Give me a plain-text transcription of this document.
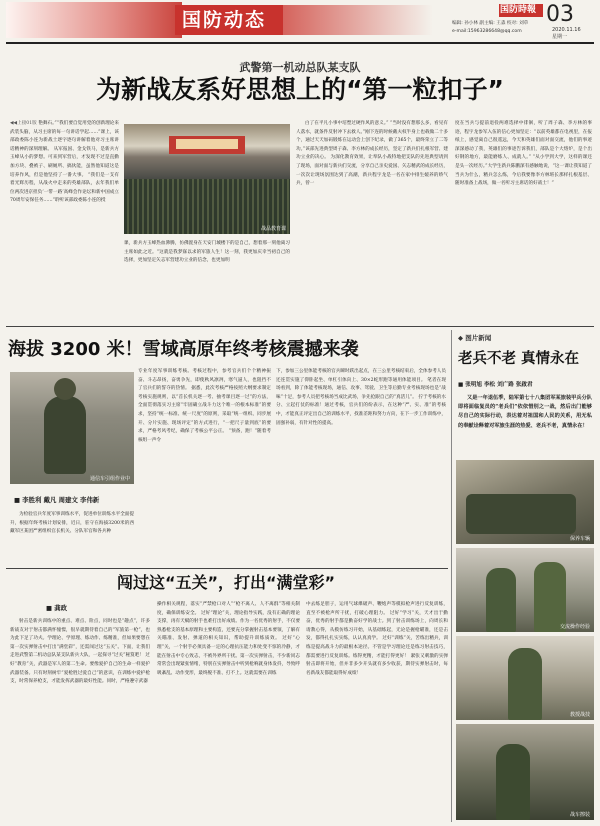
国防动态	国防時報 03
2020.11.16
星期一
编辑: 孙小林 副主编: 王淼 校对: 刘草
e-mail:15963286648@qq.com
武警第一机动总队某支队
为新战友系好思想上的“第一粒扣子”

◀◀上接01版 艳舞石。”“我们要自觉用党的创新理论来武装头脑，从习主席的每一句讲话学起……”课上，该部政委陈小连为新战士逐字逐句讲解着他对习主席讲话精神的深刻理解。 从军报国、金戈铁马，是新兵方玉峰从小的梦想。可来到军营后，才发现不过是直勤加方块、叠被子、刷厕所、搞伙能，虽然他知道这是培养作风，但是他坚持了一番大事。 “我们是一支有着光辉历程，从战火中走来的英雄部队，去年我们单位两次进京担负‘一带一路’高峰会作论坛和新中国成立70周年安保任务……”聆听该部政委陈小连的授

战品教育课

课，新兵方玉峰热血沸腾，仿佛置身在天安门城楼下的是自己，想着那一刻他离习主席如此之近。“这就是我梦寐以求的军旅人生！这一刻，我更加庆幸当初自己的选择，更加坚定矢志军营建功立业的信念，也更加明

白了在平凡小事中培塑过硬作风的意义。” “当时没有想那么多，看见有人落水，就条件反射冲下去救人。”刚下连的时候戴夫权半身上也载做二十多个，通过天天加码锻炼在运动会上创下纪录，做了365个，最终荣立了二等功。”该部先进典型周子森、李方林的成长经历，坚定了新兵们扎根军营、建功立业的决心。 为深化教育效果，让奉队小战特地把支队的先进典型请到了现场，面对面与新兵们交流，分享自己亲史爱国、矢志精武的成长经历，一次次让现场氛围达到了高潮，新兵程宇龙是一名在家中排生媛养的娇气兵，曾一

度在当兵与提前退役两难选择中徘徊，听了周子森、李方林的事迹，程宇龙参军入伍的信心更加坚定：“以前英雄都在电视里，在报纸上，感觉离自己很遥远，今天和英雄们面对面交流，他们的事迹深深感动了我，英雄们的事迹告诉我们，部队是个大熔炉，是个出好钢的地方，最能磨练人、成就人。” “从小学到大学，这样的课还是头一次经历。”大学生新兵陈鹏深有感触地说，“这一课让我知道了当兵为什么，精兵怎么练，今后我要像李方林班长那样扎根基层、随时准备上战场，做一名听习主席话的好战士！”

海拔 3200 米！雪域高原年终考核震撼来袭
通信车引组作业中
■ 李胜利 戴凡 周建文 李伟新

为检验官兵年度军事训练水平，促进单位训练水平全面提升，根据年终考核计划安排，近日，驻守在海拔3200米的西藏军区某团严密组织官长机关、分队军官和各兵种

专业年度军事训练考核。考核过程中，参考官兵们个个精神振奋、斗志昂扬，奋勇争先，即使秋风凛冽，寒气逼人，也阻挡不了官兵们的誓夺的热情。 据悉，此次考核严格按照大纲要求制定考核实施规则，以“首长机关逐一考、抽考课目逐一过”的方法，全面贯彻落实习主席“牢固确立战斗力这个唯一的根本标准”的要求，坚持“统一标准、统一尺度”的原则，采取“统一组织、同步展开、分片实施、现场评定”的方式进行，“一把尺子量到底”的要求，严格考风考纪，确保了考核公平公正。 “预备，跑！”随着考核组一声令

下，参加三公里体能考核的官兵瞬时跃出起点，在三公里考核结束后，全体参考人员还连贯实施了仰卧起坐、单杠引体向上、30×2蛇形跑等通用体能项目。 笔者在现场看到，除了体能考核现场，通信、攻事、驾驶、卫生等后勤专业考核现场也是“战味”十足，参考人员把考核场当成比武场，争先抢跟自己的“真活儿”。 拧于考核的水分、立起打仗的标准！通过考核，官兵们的纷表示，在这种“严、实、准”的考核中，才能真正评定出自己的训练水平，找准差距和努力方向，在下一步工作训练中，固强补弱，有针对性的提高。

闯过这“五关”，打出“满堂彩”
■ 龚政

射击是新兵训练中的重点、难点、险点，同时也是“趣点”，许多新战友对于射击都满怀憧憬，很早就期待着自己的“军旅第一枪”，也为此下足了功夫。学理论、学原理、练动作、练精准，但如果要想在第一次实弹射击中打出“满堂彩”，还需闯过这“五关”。下面，让我们走进武警第二机动总队某支队新兵大队，一起探寻“过关”秘笈吧！ 过好“教育”关，武器是军人的第二生命。要像爱护自己的生命一样爱护武器装备。只有时刻树牢“爱枪胜过爱自己”的意识，在训练中爱护枪支，时常保养枪支，才能发挥武器的最好性能。同时，严格遵守武器

操作相关规程，落实“严禁枪口对人”“枪不离人、人不离群”等相关制度，确保训练安全。 过好“理论”关，理论指导实践，没有正确的理论支撑，再有天赋的射手也难打出好成绩。作为一名优秀的射手，不仅要熟悉枪支的基本原理和主要构造，还要充分掌握射击基本要领，了解有关瞄准、发射、弹道的相关知识，帮助提升训练质效。 过好“心理”关，一个射手必须具备一定的心理抗压能力和处变不惊的冷静，才能在射击中专心致志，不被外界所干扰。第一次实弹射击，不少新同志常常会出现紧张情绪，特别在实弹射击中听到枪响就身体发抖，导致呼吸紊乱、动作变形，最终脱不准、打不上。这就需要在训练

中去练足胆子，运用气球爆破声、鞭炮声等模拟枪声进行反复训练，直至不被枪声所干扰，打破心理阻力。 过好“学习”关，天才出于勤奋，优秀的射手都是勤奋好学的战士。到了射击训练场上，向周长和请教心得，从模仿练习开始，从基础练起，无论是握枪瞄准，还是击发，都得扎扎实实练，认认真真学。 过好“训练”关，苦练出精兵，训练是提高战斗力的最根本途径。不管是学习理论还是练习射击技巧，都需要进行反复训练。练得更精，才能打得更好！ 紧张又刺激的实弹射击即将开始，但并非多少开头就有多少收获，期待实弹射击时，每名新战友都能取得好成绩！

◆ 图片新闻
老兵不老 真情永在
■ 张明旭 李松 刘广路 张啟君

又是一年退伍季，陆军第七十八集团军某旅装甲兵分队即将面临复员的“老兵们”依依惜别之一战，然后出门能够尽自己的实际行动，表达着对祖国和人民的关系，用无私的奉献诠释着对军旅生涯的热爱、老兵不老，真情永在！

保养车辆
交流操作经验
教授战技
战车擦装
